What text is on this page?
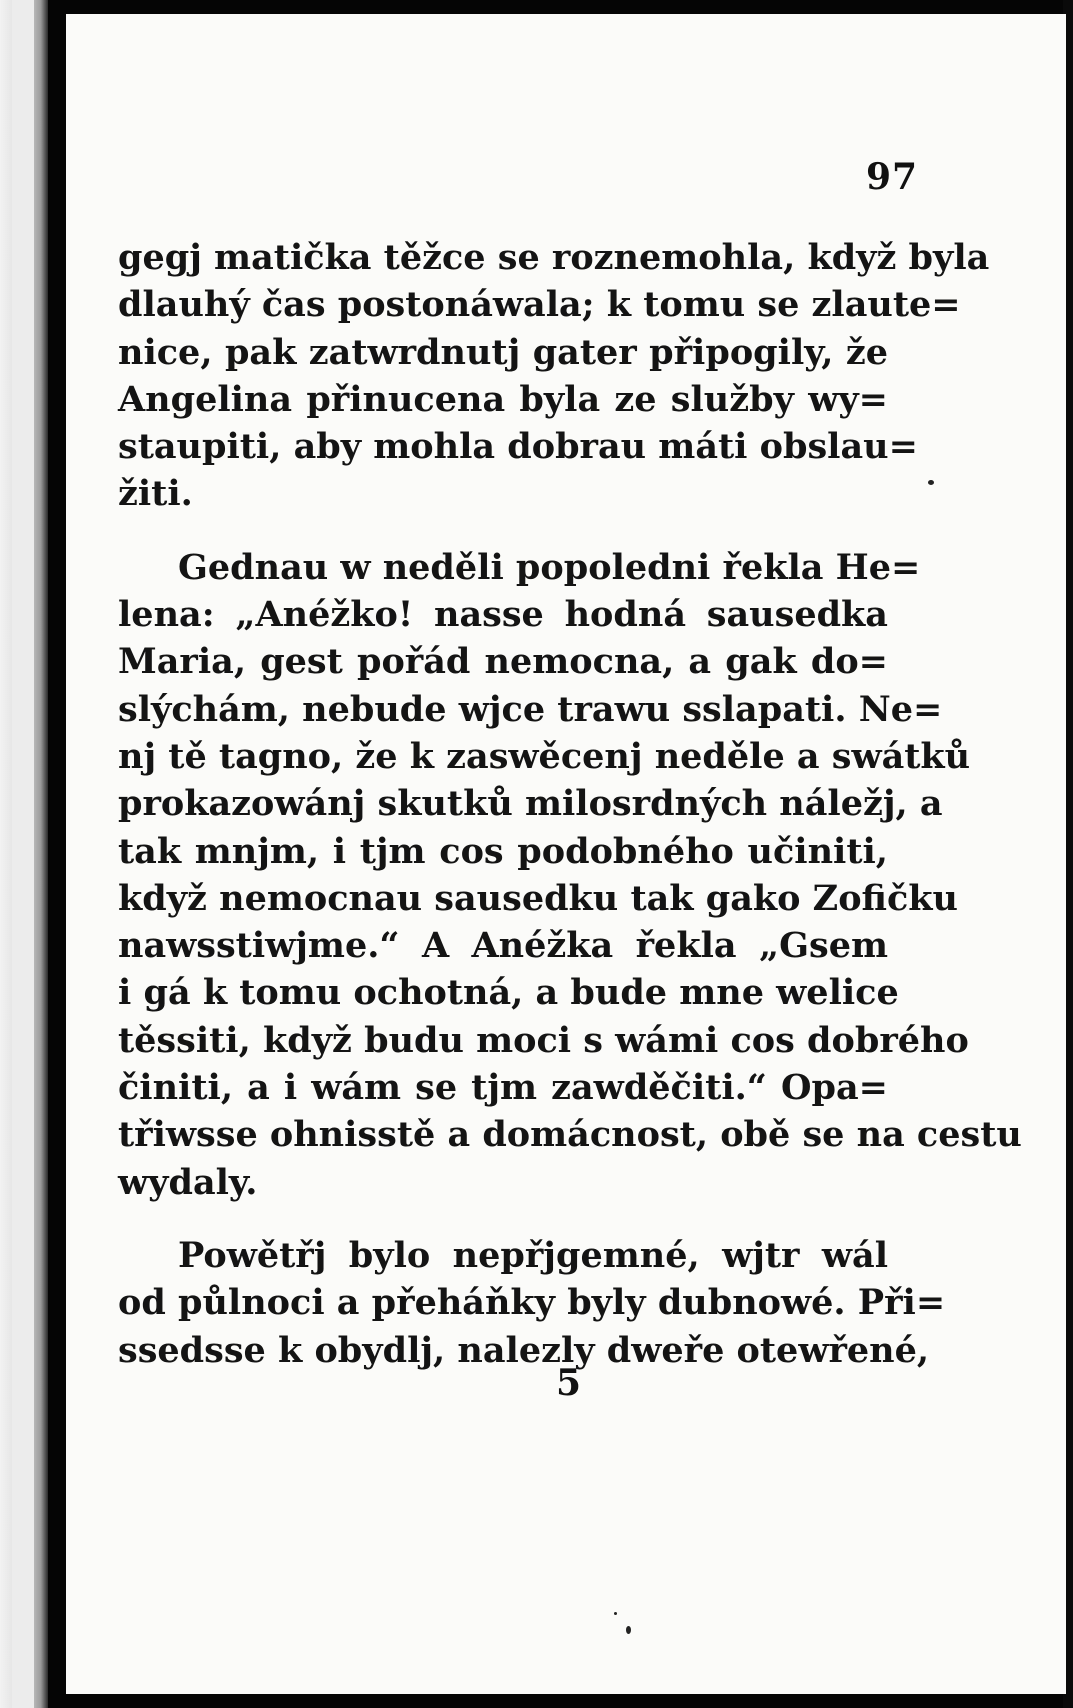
97
gegj matička těžce se roznemohla, když byla
dlauhý čas postonáwala; k tomu se zlaute=
nice, pak zatwrdnutj gater připogily, že
Angelina přinucena byla ze služby wy=
staupiti, aby mohla dobrau máti obslau=
žiti.
Gednau w neděli popoledni řekla He=
lena: „Anéžko! nasse hodná sausedka
Maria, gest pořád nemocna, a gak do=
slýchám, nebude wjce trawu sslapati. Ne=
nj tě tagno, že k zaswěcenj neděle a swátků
prokazowánj skutků milosrdných náležj, a
tak mnjm, i tjm cos podobného učiniti,
když nemocnau sausedku tak gako Zofičku
nawsstiwjme.“ A Anéžka řekla „Gsem
i gá k tomu ochotná, a bude mne welice
těssiti, když budu moci s wámi cos dobrého
činiti, a i wám se tjm zawděčiti.“ Opa=
třiwsse ohnisstě a domácnost, obě se na cestu
wydaly.
Powětřj bylo nepřjgemné, wjtr wál
od půlnoci a přeháňky byly dubnowé. Při=
ssedsse k obydlj, nalezly dweře otewřené,
5
